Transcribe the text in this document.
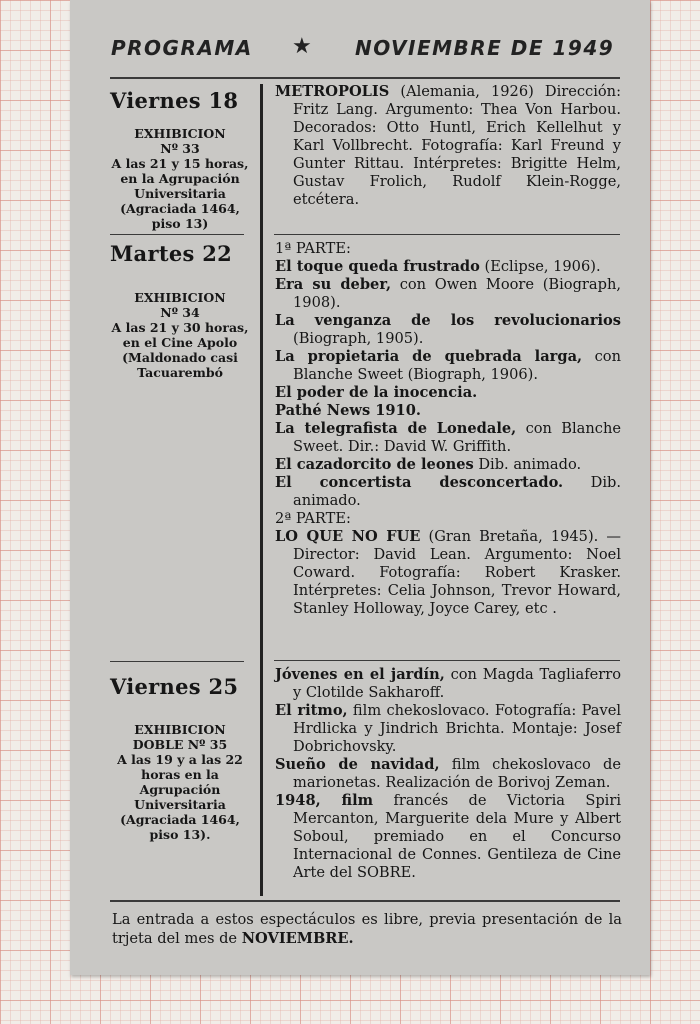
PROGRAMA ★ NOVIEMBRE DE 1949
Viernes 18
EXHIBICION
Nº 33
A las 21 y 15 horas, en la Agrupación Universitaria (Agraciada 1464, piso 13)
Martes 22
EXHIBICION
Nº 34
A las 21 y 30 horas, en el Cine Apolo (Maldonado casi Tacuarembó
Viernes 25
EXHIBICION
DOBLE Nº 35
A las 19 y a las 22 horas en la Agrupación Universitaria (Agraciada 1464, piso 13).

METROPOLIS (Alemania, 1926) Dirección: Fritz Lang. Argumento: Thea Von Harbou. Decorados: Otto Huntl, Erich Kellelhut y Karl Vollbrecht. Fotografía: Karl Freund y Gunter Rittau. Intérpretes: Brigitte Helm, Gustav Frolich, Rudolf Klein-Rogge, etcétera.

1ª PARTE:

El toque queda frustrado (Eclipse, 1906).

Era su deber, con Owen Moore (Biograph, 1908).

La venganza de los revolucionarios (Biograph, 1905).

La propietaria de quebrada larga, con Blanche Sweet (Biograph, 1906).

El poder de la inocencia.

Pathé News 1910.

La telegrafista de Lonedale, con Blanche Sweet. Dir.: David W. Griffith.

El cazadorcito de leones Dib. animado.

El concertista desconcertado. Dib. animado.

2ª PARTE:

LO QUE NO FUE (Gran Bretaña, 1945). — Director: David Lean. Argumento: Noel Coward. Fotografía: Robert Krasker. Intérpretes: Celia Johnson, Trevor Howard, Stanley Holloway, Joyce Carey, etc .

Jóvenes en el jardín, con Magda Tagliaferro y Clotilde Sakharoff.

El ritmo, film chekoslovaco. Fotografía: Pavel Hrdlicka y Jindrich Brichta. Montaje: Josef Dobrichovsky.

Sueño de navidad, film chekoslovaco de marionetas. Realización de Borivoj Zeman.

1948, film francés de Victoria Spiri Mercanton, Marguerite dela Mure y Albert Soboul, premiado en el Concurso Internacional de Connes. Gentileza de Cine Arte del SOBRE.

La entrada a estos espectáculos es libre, previa presentación de la trjeta del mes de NOVIEMBRE.
